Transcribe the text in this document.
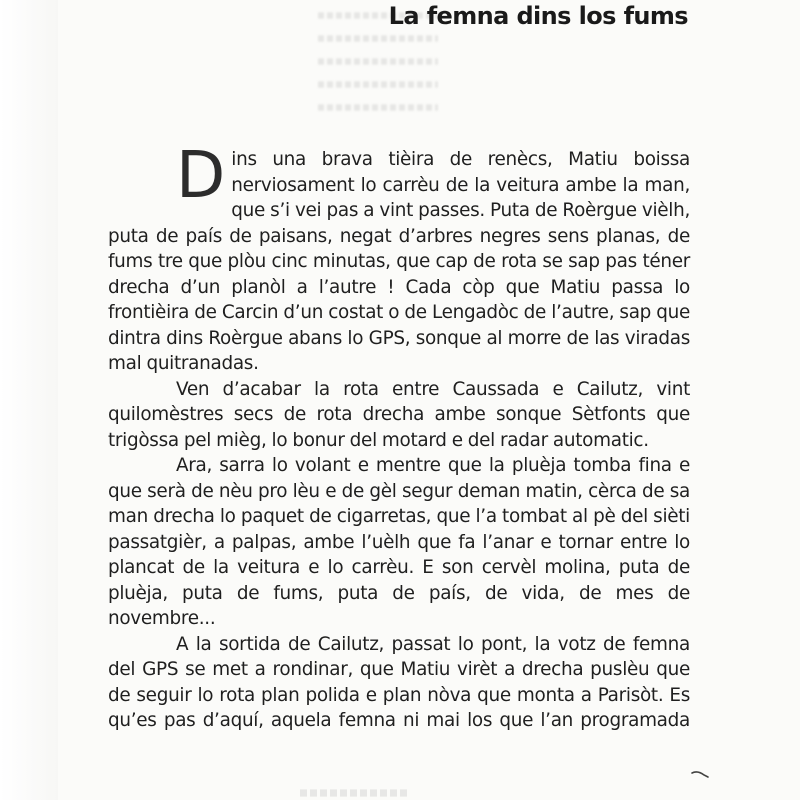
La femna dins los fums

Dins una brava tièira de renècs, Matiu boissa nerviosament lo carrèu de la veitura ambe la man, que s’i vei pas a vint passes. Puta de Roèrgue vièlh, puta de país de paisans, negat d’arbres negres sens planas, de fums tre que plòu cinc minutas, que cap de rota se sap pas téner drecha d’un planòl a l’autre ! Cada còp que Matiu passa lo frontièira de Carcin d’un costat o de Lengadòc de l’autre, sap que dintra dins Roèrgue abans lo GPS, sonque al morre de las viradas mal quitranadas.

Ven d’acabar la rota entre Caussada e Cailutz, vint quilomèstres secs de rota drecha ambe sonque Sètfonts que trigòssa pel mièg, lo bonur del motard e del radar automatic.

Ara, sarra lo volant e mentre que la pluèja tomba fina e que serà de nèu pro lèu e de gèl segur deman matin, cèrca de sa man drecha lo paquet de cigarretas, que l’a tombat al pè del sièti passatgièr, a palpas, ambe l’uèlh que fa l’anar e tornar entre lo plancat de la veitura e lo carrèu. E son cervèl molina, puta de pluèja, puta de fums, puta de país, de vida, de mes de novembre...

A la sortida de Cailutz, passat lo pont, la votz de femna del GPS se met a rondinar, que Matiu virèt a drecha puslèu que de seguir lo rota plan polida e plan nòva que monta a Parisòt. Es qu’es pas d’aquí, aquela femna ni mai los que l’an programada
